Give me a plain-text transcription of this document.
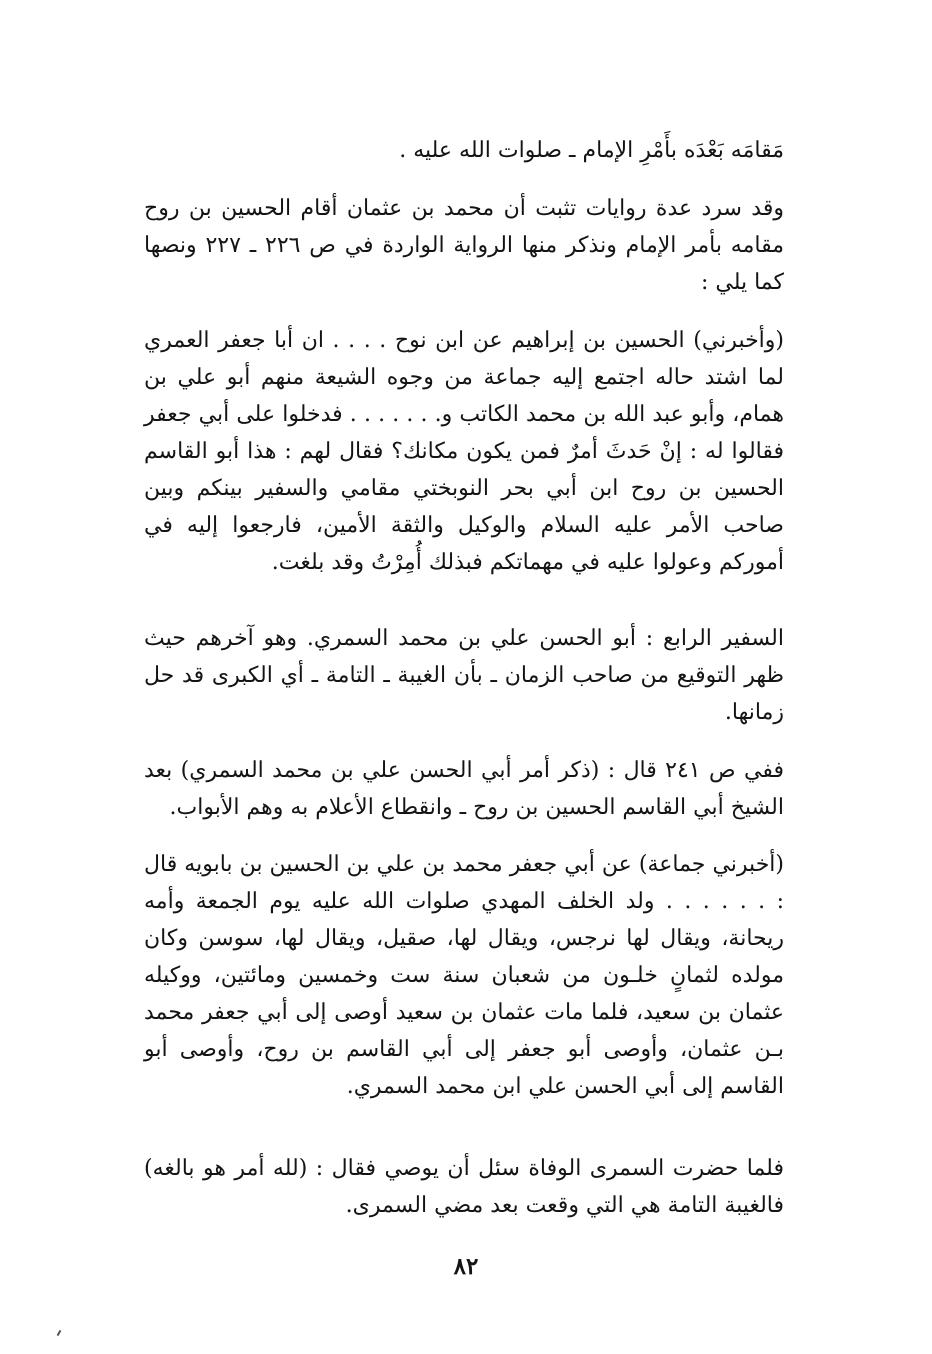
مَقامَه بَعْدَه بأَمْرِ الإمام ـ صلوات الله عليه .

وقد سرد عدة روايات تثبت أن محمد بن عثمان أقام الحسين بن روح مقامه بأمر الإمام ونذكر منها الرواية الواردة في ص ٢٢٦ ـ ٢٢٧ ونصها كما يلي :

(وأخبرني) الحسين بن إبراهيم عن ابن نوح . . . . ان أبا جعفر العمري لما اشتد حاله اجتمع إليه جماعة من وجوه الشيعة منهم أبو علي بن همام، وأبو عبد الله بن محمد الكاتب و. . . . . . . فدخلوا على أبي جعفر فقالوا له : إنْ حَدثَ أمرٌ فمن يكون مكانك؟ فقال لهم : هذا أبو القاسم الحسين بن روح ابن أبي بحر النوبختي مقامي والسفير بينكم وبين صاحب الأمر عليه السلام والوكيل والثقة الأمين، فارجعوا إليه في أموركم وعولوا عليه في مهماتكم فبذلك أُمِرْتُ وقد بلغت.

السفير الرابع : أبو الحسن علي بن محمد السمري. وهو آخرهم حيث ظهر التوقيع من صاحب الزمان ـ بأن الغيبة ـ التامة ـ أي الكبرى قد حل زمانها.

ففي ص ٢٤١ قال : (ذكر أمر أبي الحسن علي بن محمد السمري) بعد الشيخ أبي القاسم الحسين بن روح ـ وانقطاع الأعلام به وهم الأبواب.

(أخبرني جماعة) عن أبي جعفر محمد بن علي بن الحسين بن بابويه قال : . . . . . . ولد الخلف المهدي صلوات الله عليه يوم الجمعة وأمه ريحانة، ويقال لها نرجس، ويقال لها، صقيل، ويقال لها، سوسن وكان مولده لثمانٍ خلـون من شعبان سنة ست وخمسين ومائتين، ووكيله عثمان بن سعيد، فلما مات عثمان بن سعيد أوصى إلى أبي جعفر محمد بـن عثمان، وأوصى أبو جعفر إلى أبي القاسم بن روح، وأوصى أبو القاسم إلى أبي الحسن علي ابن محمد السمري.

فلما حضرت السمرى الوفاة سئل أن يوصي فقال : (لله أمر هو بالغه) فالغيبة التامة هي التي وقعت بعد مضي السمرى.

٨٢
